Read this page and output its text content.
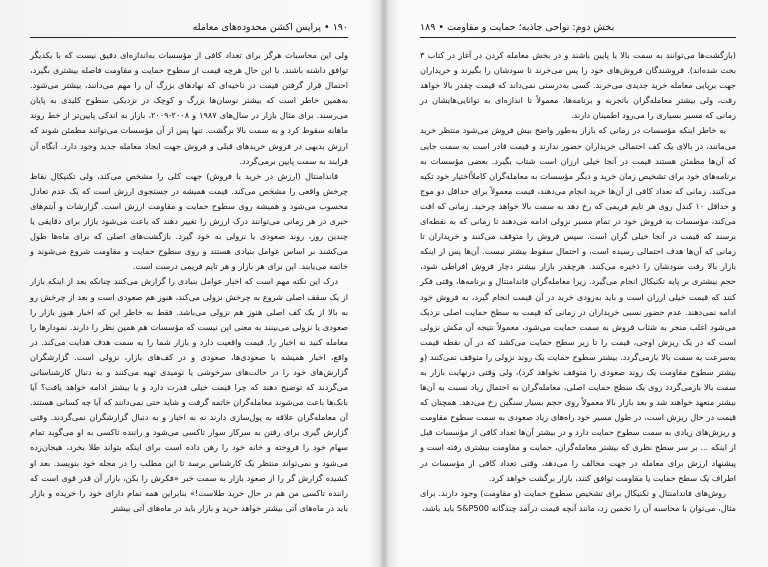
۱۹۰ • پرایس اکشن محدوده‌های معامله

ولی این محاسبات هرگز برای تعداد کافی از مؤسسات به‌اندازه‌ای دقیق نیست که با یکدیگر توافق داشته باشند. با این حال هرچه قیمت از سطوح حمایت و مقاومت فاصله بیشتری بگیرد، احتمال قرار گرفتن قیمت در ناحیه‌ای که نهادهای بزرگ آن را مهم می‌دانند، بیشتر می‌شود. به‌همین خاطر است که بیشتر نوسان‌ها بزرگ و کوچک در نزدیکی سطوح کلیدی به پایان می‌رسند. برای مثال بازار در سال‌های ۱۹۸۷ و ۲۰۰۸-۲۰۰۹، بازار به اندکی پایین‌تر از خط روند ماهانه سقوط کرد و به سمت بالا برگشت. تنها پس از آن مؤسسات می‌توانند مطمئن شوند که ارزش بدیهی در فروش خریدهای قبلی و فروش جهت ایجاد معامله جدید وجود دارد. آنگاه آن فرایند به سمت پایین برمی‌گردد.

فاندامنتال (ارزش در خرید یا فروش) جهت کلی را مشخص می‌کند، ولی تکنیکال نقاط چرخش واقعی را مشخص می‌کند. قیمت همیشه در جستجوی ارزش است که یک عدم تعادل محسوب می‌شود و همیشه روی سطوح حمایت و مقاومت ارزش است. گزارشات و آیتم‌های خبری در هر زمانی می‌توانند درک ارزش را تغییر دهند که باعث می‌شود بازار برای دقایقی یا چندین روز، روند صعودی یا نزولی به خود گیرد. بازگشت‌های اصلی که برای ماه‌ها طول می‌کشند بر اساس عوامل بنیادی هستند و روی سطوح حمایت و مقاومت شروع می‌شوند و خاتمه می‌یابند. این برای هر بازار و هر تایم فریمی درست است.

درک این نکته مهم است که اخبار عوامل بنیادی را گزارش می‌کنند چنانکه بعد از اینکه بازار از یک سقف اصلی شروع به چرخش نزولی می‌کند، هنوز هم صعودی است و بعد از چرخش رو به بالا از یک کف اصلی هنوز هم نزولی می‌باشد. فقط به خاطر این که اخبار هنوز بازار را صعودی یا نزولی می‌بینند به معنی این نیست که مؤسسات هم همین نظر را دارند. نمودارها را معامله کنید نه اخبار را. قیمت واقعیت دارد و بازار شما را به سمت هدف هدایت می‌کند. در واقع، اخبار همیشه با صعودی‌ها، صعودی و در کف‌های بازار، نزولی است. گزارشگران گزارش‌های خود را در حالت‌های سرخوشی یا نومیدی تهیه می‌کنند و به دنبال کارشناسانی می‌گردند که توضیح دهند که چرا قیمت خیلی قدرت دارد و یا بیشتر ادامه خواهد یافت؟ آیا بانک‌ها باعث می‌شوند معامله‌گران خاتمه گرفت و شاید حتی نمی‌دانند که آیا چه کسانی هستند. آن معامله‌گران علاقه به پول‌سازی دارند نه به اخبار و به دنبال گزارشگران نمی‌گردند. وقتی گزارش گیری برای رفتن به سرکار سوار تاکسی می‌شود و راننده تاکسی به او می‌گوید تمام سهام خود را فروخته و خانه خود را رهن داده است برای اینکه بتواند طلا بخرد، هیجان‌زده می‌شود و نمی‌تواند منتظر یک کارشناس برسد تا این مطلب را در مجله خود بنویسد. بعد او کشیده گزارش گر را از صعود بازار به سمت خبر «فکرش را بکن، بازار آن قدر قوی است که راننده تاکسی من هم در حال خرید طلاست!» بنابراین همه تمام دارای خود را خریده و بازار باید در ماه‌های آتی بیشتر خواهد خرید و بازار باید در ماه‌های آتی بیشتر

بخش دوم: نواحی جاذبه؛ حمایت و مقاومت • ۱۸۹

(بازگشت‌ها می‌توانند به سمت بالا یا پایین باشند و در بخش معامله کردن در آغاز در کتاب ۳ بحث شده‌اند). فروشندگان فروش‌های خود را پس می‌خرند تا سودشان را بگیرند و خریداران جهت برپایی معامله خرید جدیدی می‌خرند. کسی به‌درستی نمی‌داند که قیمت چقدر بالا خواهد رفت، ولی بیشتر معامله‌گران باتجربه و برنامه‌ها، معمولاً تا اندازه‌ای به توانایی‌هایشان در زمانی که مسیر بسیاری را می‌رود اطمینان دارند.

به خاطر اینکه مؤسسات در زمانی که بازار به‌طور واضح بیش فروش می‌شود منتظر خرید می‌مانند، در بالای یک کف احتمالی خریداران حضور ندارند و قیمت قادر است به سمت جایی که آن‌ها مطمئن هستند قیمت در آنجا خیلی ارزان است شتاب بگیرد. بعضی مؤسسات به برنامه‌های خود برای تشخیص زمان خرید و دیگر مؤسسات به معامله‌گران کاملاً‌اختیار خود تکیه می‌کنند. زمانی که تعداد کافی از آن‌ها خرید انجام می‌دهند، قیمت معمولاً برای حداقل دو موج و حداقل ۱۰ کندل روی هر تایم فریمی که رخ دهد به سمت بالا خواهد چرخید. زمانی که افت می‌کند، مؤسسات به فروش خود در تمام مسیر نزولی ادامه می‌دهند تا زمانی که به نقطه‌ای برسند که قیمت در آنجا خیلی گران است. سپس فروش را متوقف می‌کنند و خریداران تا زمانی که آن‌ها هدف احتمالی رسیده است، و احتمال سقوط بیشتر نیست. آن‌ها پس از اینکه بازار بالا رفت سودشان را ذخیره می‌کنند. هرچقدر بازار بیشتر دچار فروش افراطی شود، حجم بیشتری بر پایه تکنیکال انجام می‌گیرد. زیرا معامله‌گران فاندامنتال و برنامه‌ها، وقتی فکر کنند که قیمت خیلی ارزان است و باید به‌زودی خرید در آن قیمت انجام گیرد، به فروش خود ادامه نمی‌دهند. عدم حضور نسبی خریداران در زمانی که قیمت به سطح حمایت اصلی نزدیک می‌شود اغلب منجر به شتاب فروش به سمت حمایت می‌شود، معمولاً نتیجه آن مکش نزولی است که در یک ریزش اوجی، قیمت را تا زیر سطح حمایت می‌کشد که در آن نقطه قیمت به‌سرعت به سمت بالا بازمی‌گردد. بیشتر سطوح حمایت یک روند نزولی را متوقف نمی‌کنند (و بیشتر سطوح مقاومت یک روند صعودی را متوقف نخواهد کرد)، ولی وقتی درنهایت بازار به سمت بالا بازمی‌گردد روی یک سطح حمایت اصلی، معامله‌گران به احتمال زیاد نسبت به آن‌ها بیشتر متعهد خواهند شد و بعد بازار بالا معمولاً روی حجم بسیار سنگین رخ می‌دهد. همچنان که قیمت در حال ریزش است، در طول مسیر خود راه‌های زیاد صعودی به سمت سطوح مقاومت و ریزش‌های زیادی به سمت سطوح حمایت دارد و در بیشتر آن‌ها تعداد کافی از مؤسسات قبل از اینکه ... بر سر سطح نظری که بیشتر معامله‌گران، حمایت و مقاومت بیشتری رفته است و پیشنهاد ارزش برای معامله در جهت مخالف را می‌دهد، وقتی تعداد کافی از مؤسسات در اطراف یک سطح حمایت یا مقاومت توافق کنند، بازار برگشت خواهد کرد.

روش‌های فاندامنتال و تکنیکال برای تشخیص سطوح حمایت (و مقاومت) وجود دارند. برای مثال، می‌توان با محاسبه آن را تخمین زد، مانند آنچه قیمت درآمد چندگانه S&P500 باید باشد،
